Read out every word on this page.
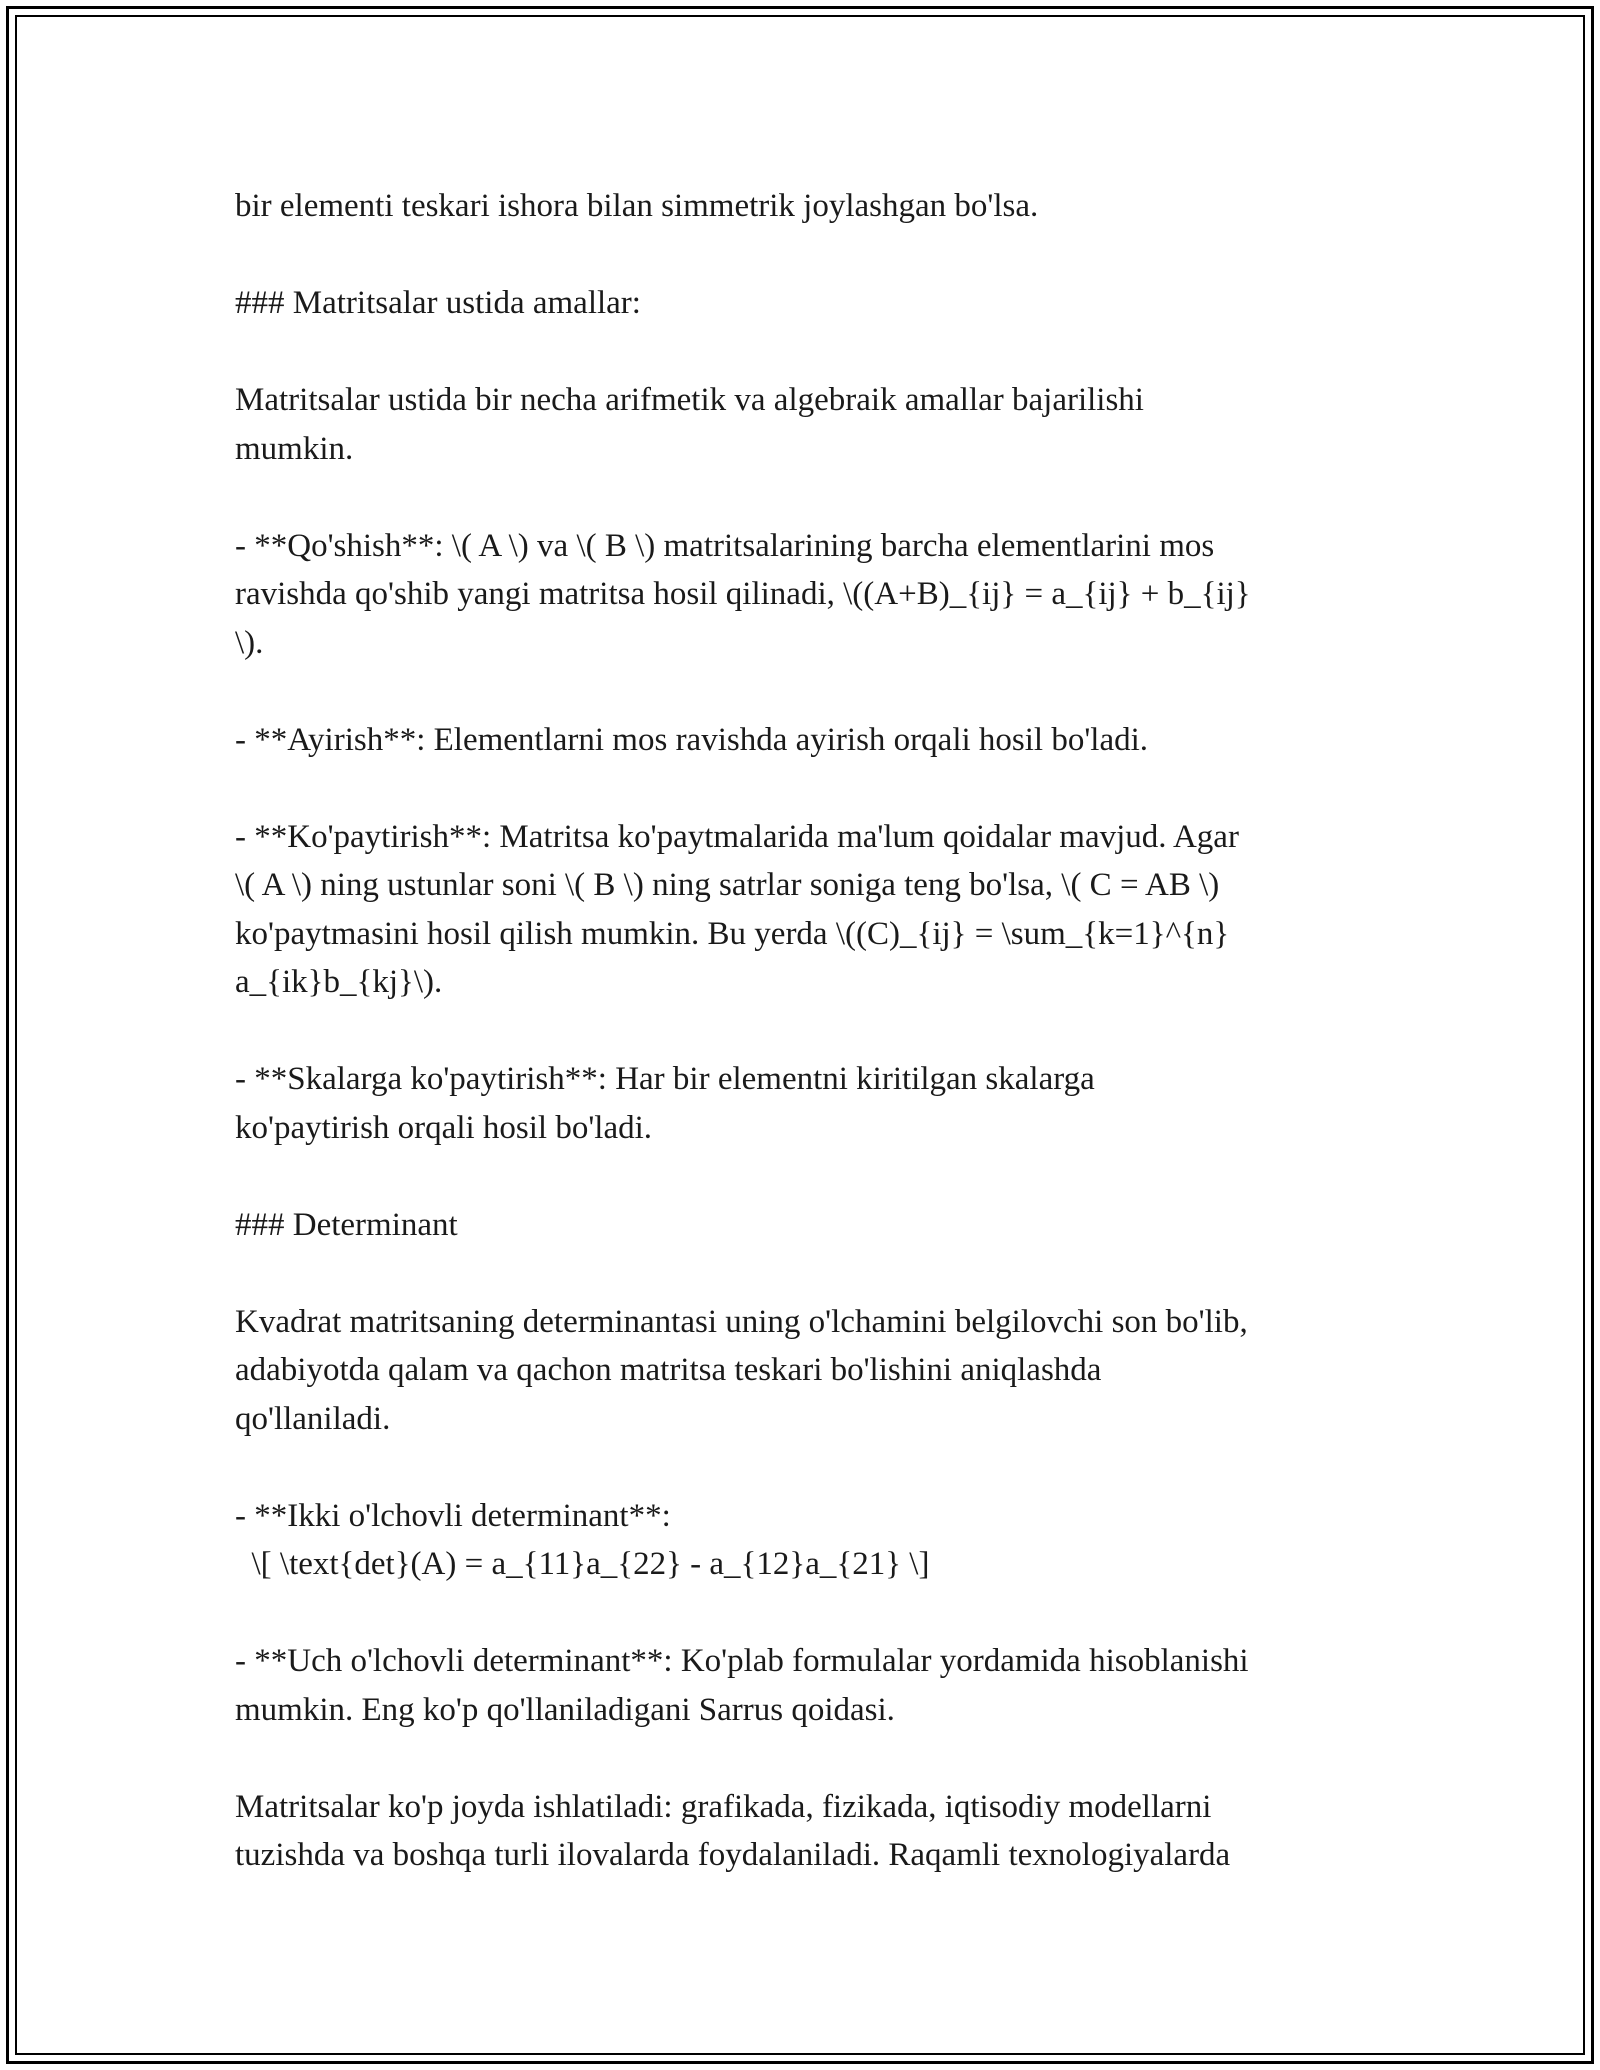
bir elementi teskari ishora bilan simmetrik joylashgan bo'lsa.

### Matritsalar ustida amallar:

Matritsalar ustida bir necha arifmetik va algebraik amallar bajarilishi
mumkin.

- **Qo'shish**: \( A \) va \( B \) matritsalarining barcha elementlarini mos
ravishda qo'shib yangi matritsa hosil qilinadi, \((A+B)_{ij} = a_{ij} + b_{ij}
\).

- **Ayirish**: Elementlarni mos ravishda ayirish orqali hosil bo'ladi.

- **Ko'paytirish**: Matritsa ko'paytmalarida ma'lum qoidalar mavjud. Agar
\( A \) ning ustunlar soni \( B \) ning satrlar soniga teng bo'lsa, \( C = AB \)
ko'paytmasini hosil qilish mumkin. Bu yerda \((C)_{ij} = \sum_{k=1}^{n}
a_{ik}b_{kj}\).

- **Skalarga ko'paytirish**: Har bir elementni kiritilgan skalarga
ko'paytirish orqali hosil bo'ladi.

### Determinant

Kvadrat matritsaning determinantasi uning o'lchamini belgilovchi son bo'lib,
adabiyotda qalam va qachon matritsa teskari bo'lishini aniqlashda
qo'llaniladi.

- **Ikki o'lchovli determinant**:
\[ \text{det}(A) = a_{11}a_{22} - a_{12}a_{21} \]

- **Uch o'lchovli determinant**: Ko'plab formulalar yordamida hisoblanishi
mumkin. Eng ko'p qo'llaniladigani Sarrus qoidasi.

Matritsalar ko'p joyda ishlatiladi: grafikada, fizikada, iqtisodiy modellarni
tuzishda va boshqa turli ilovalarda foydalaniladi. Raqamli texnologiyalarda
